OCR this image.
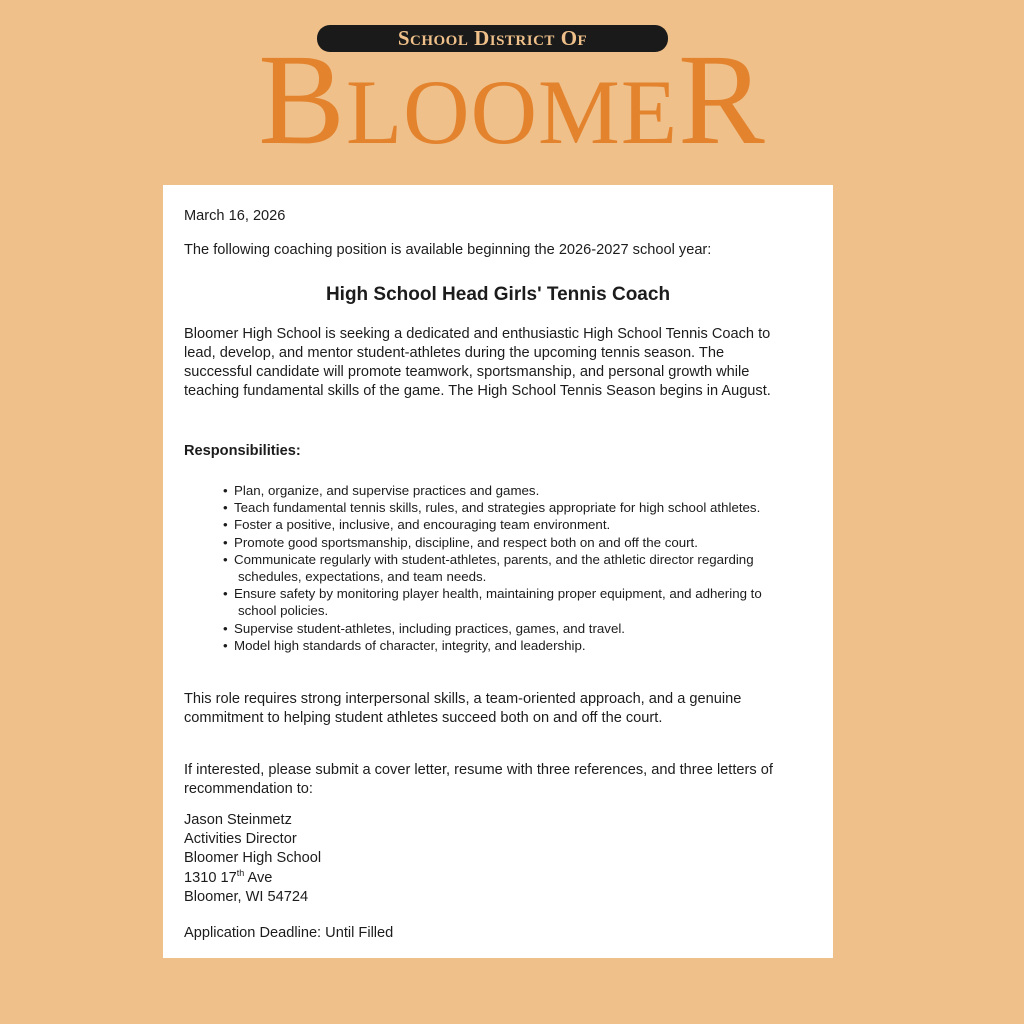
School District Of
BLOOMER

March 16, 2026

The following coaching position is available beginning the 2026-2027 school year:

High School Head Girls' Tennis Coach

Bloomer High School is seeking a dedicated and enthusiastic High School Tennis Coach to lead, develop, and mentor student-athletes during the upcoming tennis season. The successful candidate will promote teamwork, sportsmanship, and personal growth while teaching fundamental skills of the game. The High School Tennis Season begins in August.

Responsibilities:

• Plan, organize, and supervise practices and games.
• Teach fundamental tennis skills, rules, and strategies appropriate for high school athletes.
• Foster a positive, inclusive, and encouraging team environment.
• Promote good sportsmanship, discipline, and respect both on and off the court.
• Communicate regularly with student-athletes, parents, and the athletic director regarding schedules, expectations, and team needs.
• Ensure safety by monitoring player health, maintaining proper equipment, and adhering to school policies.
• Supervise student-athletes, including practices, games, and travel.
• Model high standards of character, integrity, and leadership.

This role requires strong interpersonal skills, a team-oriented approach, and a genuine commitment to helping student athletes succeed both on and off the court.

If interested, please submit a cover letter, resume with three references, and three letters of recommendation to:

Jason Steinmetz
Activities Director
Bloomer High School
1310 17th Ave
Bloomer, WI 54724

Application Deadline: Until Filled
